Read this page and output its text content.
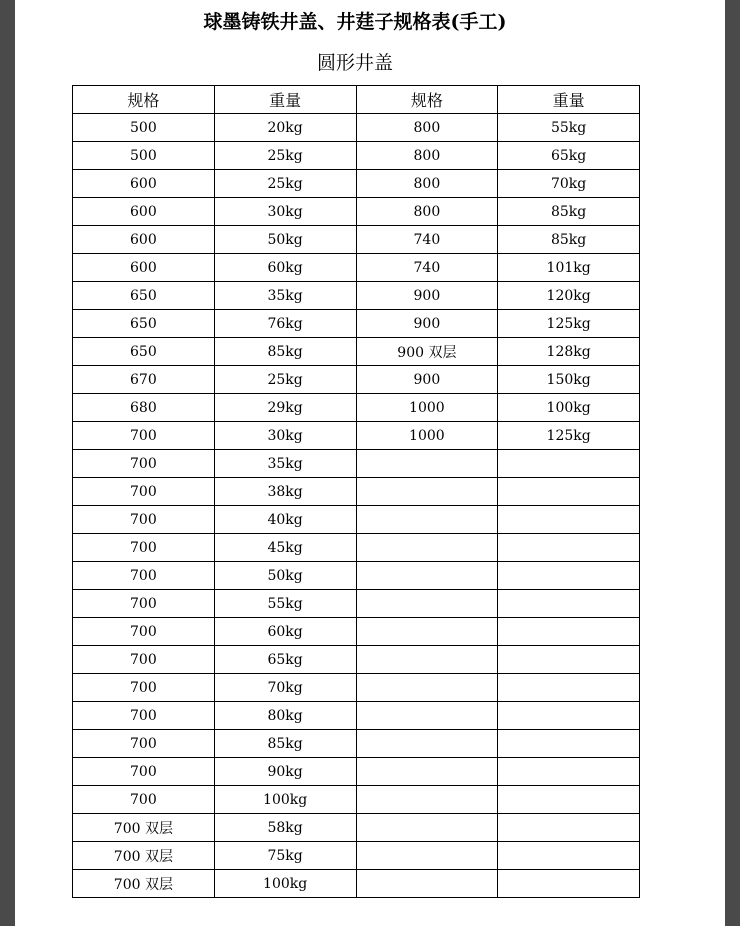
球墨铸铁井盖、井莛子规格表(手工)
圆形井盖
规格	重量	规格	重量
500	20kg	800	55kg
500	25kg	800	65kg
600	25kg	800	70kg
600	30kg	800	85kg
600	50kg	740	85kg
600	60kg	740	101kg
650	35kg	900	120kg
650	76kg	900	125kg
650	85kg	900 双层	128kg
670	25kg	900	150kg
680	29kg	1000	100kg
700	30kg	1000	125kg
700	35kg		
700	38kg		
700	40kg		
700	45kg		
700	50kg		
700	55kg		
700	60kg		
700	65kg		
700	70kg		
700	80kg		
700	85kg		
700	90kg		
700	100kg		
700 双层	58kg		
700 双层	75kg		
700 双层	100kg		
